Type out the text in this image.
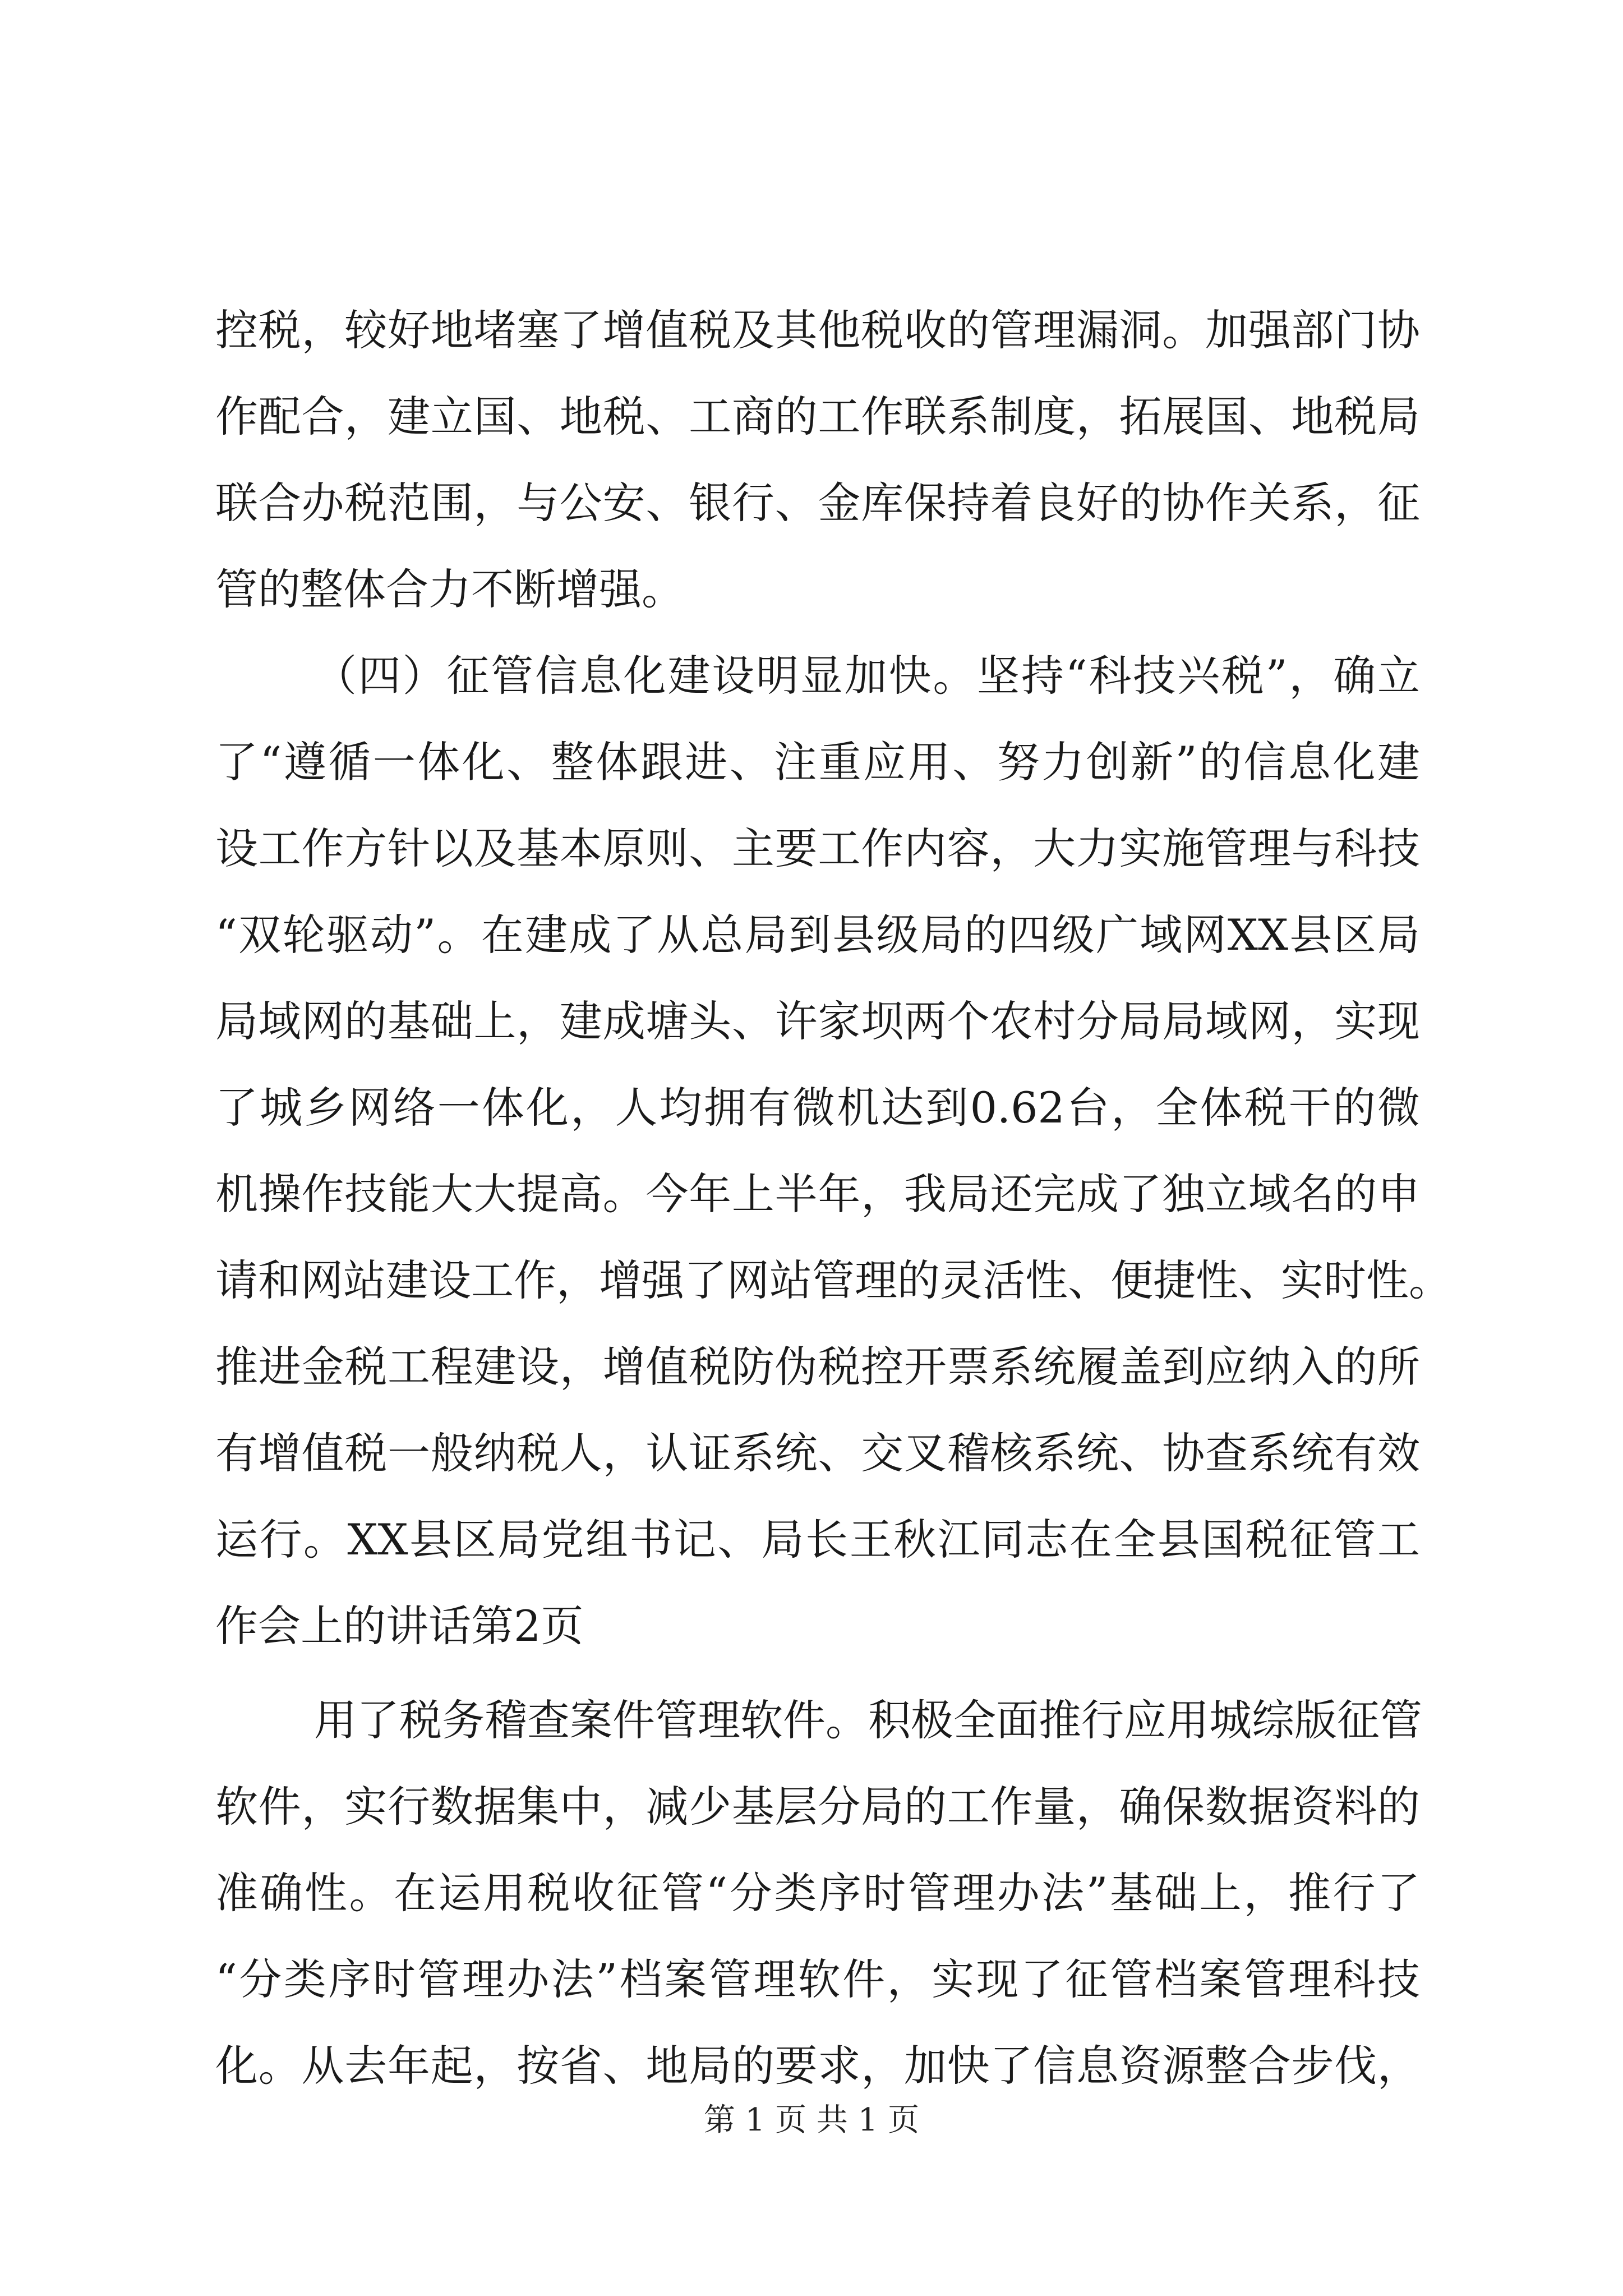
控税，较好地堵塞了增值税及其他税收的管理漏洞。加强部门协
作配合，建立国、地税、工商的工作联系制度，拓展国、地税局
联合办税范围，与公安、银行、金库保持着良好的协作关系，征
管的整体合力不断增强。
（四）征管信息化建设明显加快。坚持“科技兴税”，确立
了“遵循一体化、整体跟进、注重应用、努力创新”的信息化建
设工作方针以及基本原则、主要工作内容，大力实施管理与科技
“双轮驱动”。在建成了从总局到县级局的四级广域网XX县区局
局域网的基础上，建成塘头、许家坝两个农村分局局域网，实现
了城乡网络一体化，人均拥有微机达到0.62台，全体税干的微
机操作技能大大提高。今年上半年，我局还完成了独立域名的申
请和网站建设工作，增强了网站管理的灵活性、便捷性、实时性。
推进金税工程建设，增值税防伪税控开票系统履盖到应纳入的所
有增值税一般纳税人，认证系统、交叉稽核系统、协查系统有效
运行。XX县区局党组书记、局长王秋江同志在全县国税征管工
作会上的讲话第2页
用了税务稽查案件管理软件。积极全面推行应用城综版征管
软件，实行数据集中，减少基层分局的工作量，确保数据资料的
准确性。在运用税收征管“分类序时管理办法”基础上，推行了
“分类序时管理办法”档案管理软件，实现了征管档案管理科技
化。从去年起，按省、地局的要求，加快了信息资源整合步伐，
第 1 页 共 1 页
